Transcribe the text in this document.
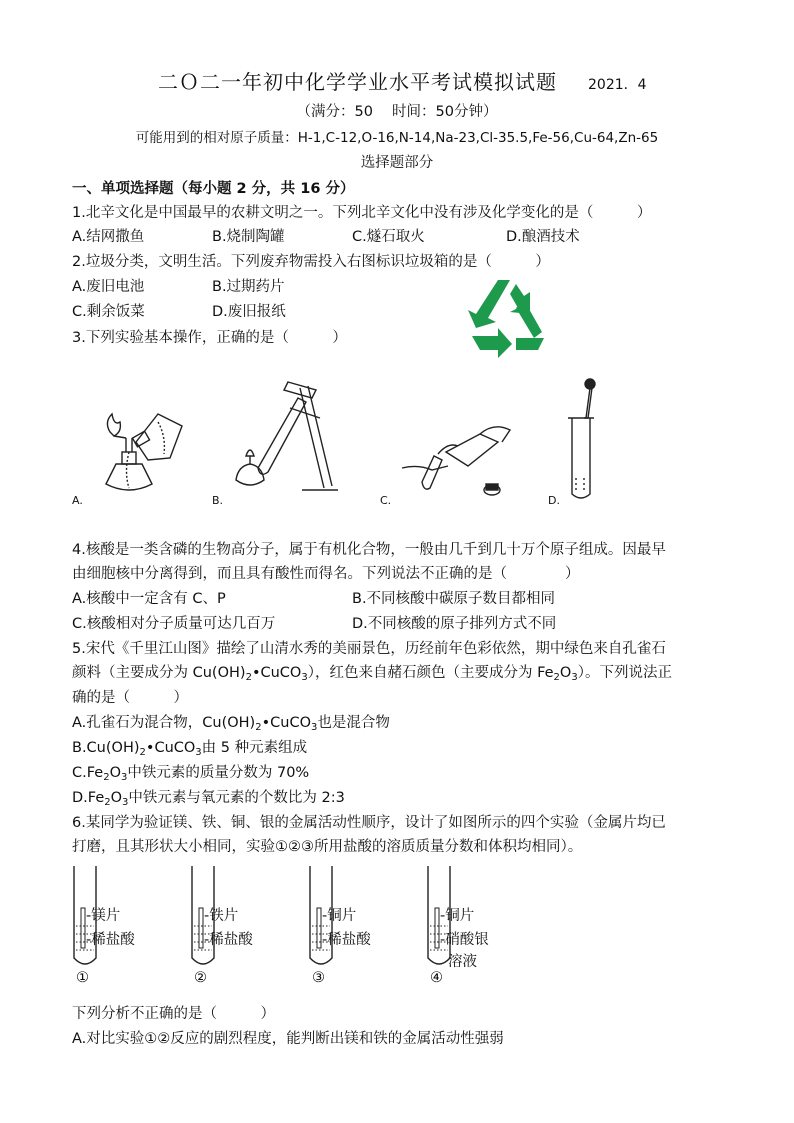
二Ｏ二一年初中化学学业水平考试模拟试题 2021．4
（满分：50　 时间：50分钟）
可能用到的相对原子质量：H-1,C-12,O-16,N-14,Na-23,Cl-35.5,Fe-56,Cu-64,Zn-65
选择题部分
一、单项选择题（每小题 2 分，共 16 分）
1.北辛文化是中国最早的农耕文明之一。下列北辛文化中没有涉及化学变化的是（　　　）
A.结网撒鱼	B.烧制陶罐	C.燧石取火	D.酿酒技术
2.垃圾分类，文明生活。下列废弃物需投入右图标识垃圾箱的是（　　　）
A.废旧电池	B.过期药片
C.剩余饭菜	D.废旧报纸
3.下列实验基本操作，正确的是（　　　）
A.	B.	C.	D.
4.核酸是一类含磷的生物高分子，属于有机化合物，一般由几千到几十万个原子组成。因最早
由细胞核中分离得到，而且具有酸性而得名。下列说法不正确的是（　　　　）
A.核酸中一定含有 C、P	B.不同核酸中碳原子数目都相同
C.核酸相对分子质量可达几百万	D.不同核酸的原子排列方式不同
5.宋代《千里江山图》描绘了山清水秀的美丽景色，历经前年色彩依然，期中绿色来自孔雀石
颜料（主要成分为 $Cu(OH)_2•CuCO_3$），红色来自赭石颜色（主要成分为 $Fe_2O_3$）。下列说法正
确的是（　　　）
A.孔雀石为混合物，$Cu(OH)_2•CuCO_3$也是混合物
$B.Cu(OH)_2•CuCO_3$由 5 种元素组成
$C.Fe_2O_3$中铁元素的质量分数为 70%
$D.Fe_2O_3$中铁元素与氧元素的个数比为 2:3
6.某同学为验证镁、铁、铜、银的金属活动性顺序，设计了如图所示的四个实验（金属片均已
打磨，且其形状大小相同，实验①②③所用盐酸的溶质质量分数和体积均相同）。
-镁片
-稀盐酸
①
-铁片
-稀盐酸
②
-铜片
-稀盐酸
③
-铜片
-硝酸银
溶液
④
下列分析不正确的是（　　　）
A.对比实验①②反应的剧烈程度，能判断出镁和铁的金属活动性强弱
